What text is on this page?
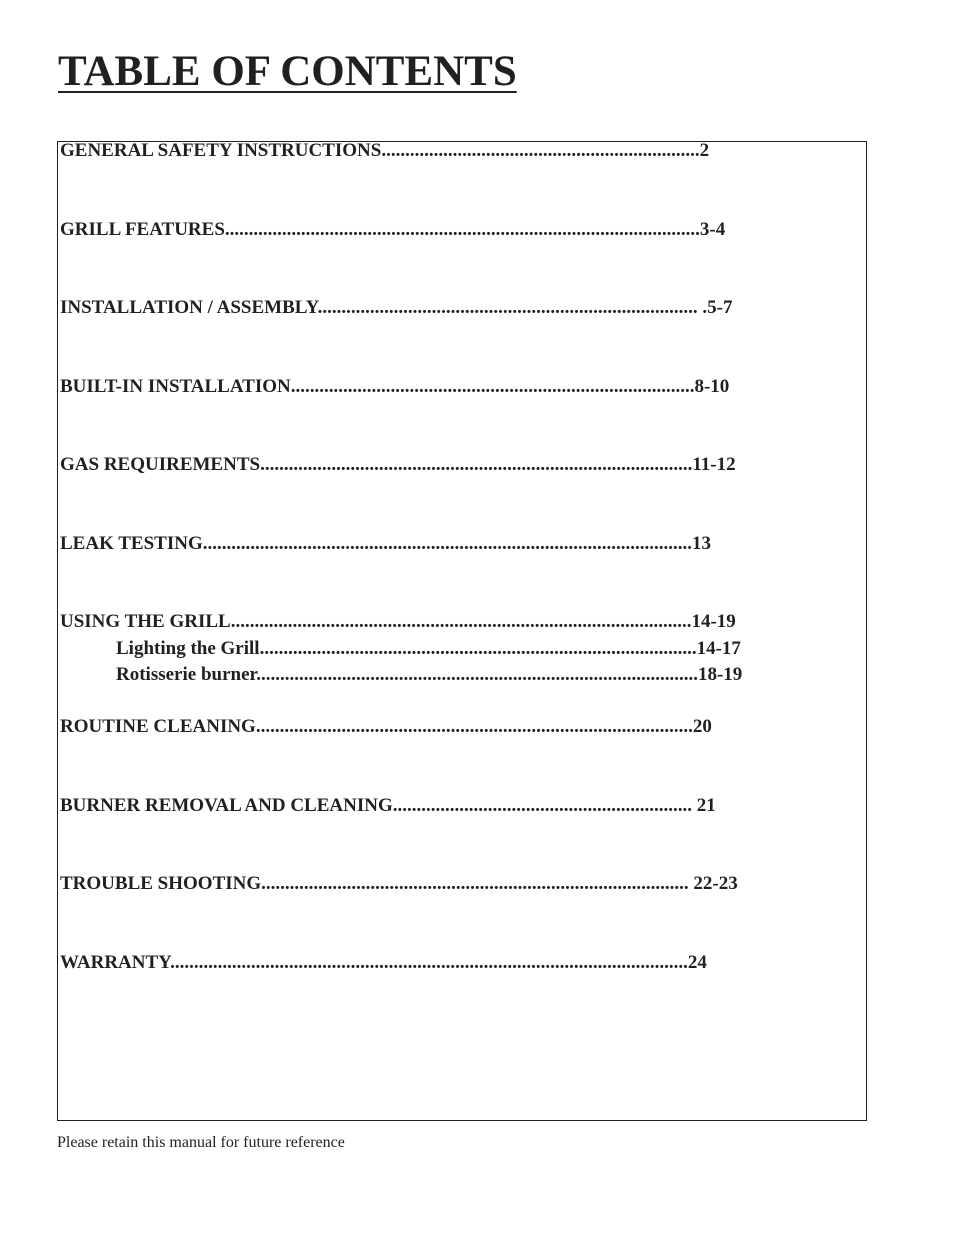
TABLE OF CONTENTS
GENERAL SAFETY INSTRUCTIONS...................................................................2
GRILL FEATURES....................................................................................................3-4
INSTALLATION / ASSEMBLY................................................................................ .5-7
BUILT-IN INSTALLATION.....................................................................................8-10
GAS REQUIREMENTS...........................................................................................11-12
LEAK TESTING.......................................................................................................13
USING THE GRILL.................................................................................................14-19
Lighting the Grill............................................................................................14-17
Rotisserie burner.............................................................................................18-19
ROUTINE CLEANING............................................................................................20
BURNER REMOVAL AND CLEANING............................................................... 21
TROUBLE SHOOTING.......................................................................................... 22-23
WARRANTY.............................................................................................................24
Please retain this manual for future reference
